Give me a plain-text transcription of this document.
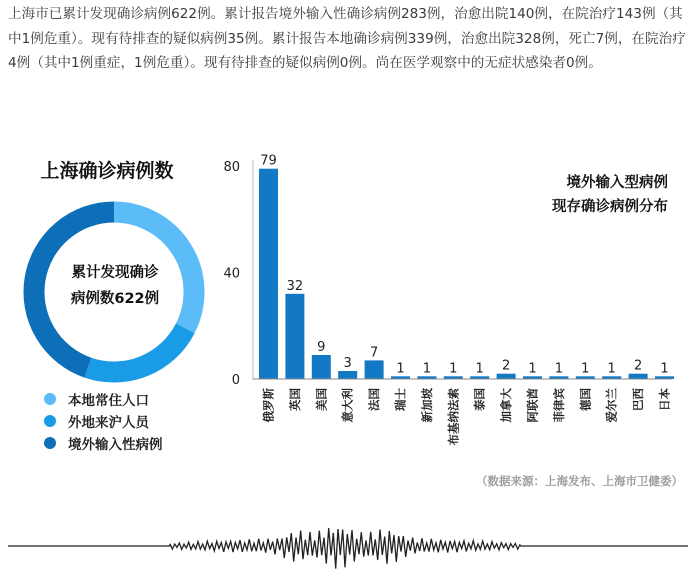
上海市已累计发现确诊病例622例。累计报告境外输入性确诊病例283例，治愈出院140例，在院治疗143例（其中1例危重）。现有待排查的疑似病例35例。累计报告本地确诊病例339例，治愈出院328例，死亡7例，在院治疗4例（其中1例重症，1例危重）。现有待排查的疑似病例0例。尚在医学观察中的无症状感染者0例。

上海确诊病例数
累计发现确诊
病例数622例
本地常住人口
外地来沪人员
境外输入性病例
境外输入型病例
现存确诊病例分布
0
40
80 79
俄罗斯
32
英国
9
美国
3
意大利
7
法国
1
瑞士
1
新加坡
1
布基纳法索
1
泰国
2
加拿大
1
阿联酋
1
菲律宾
1
德国
1
爱尔兰
2
巴西
1
日本
（数据来源：上海发布、上海市卫健委）
